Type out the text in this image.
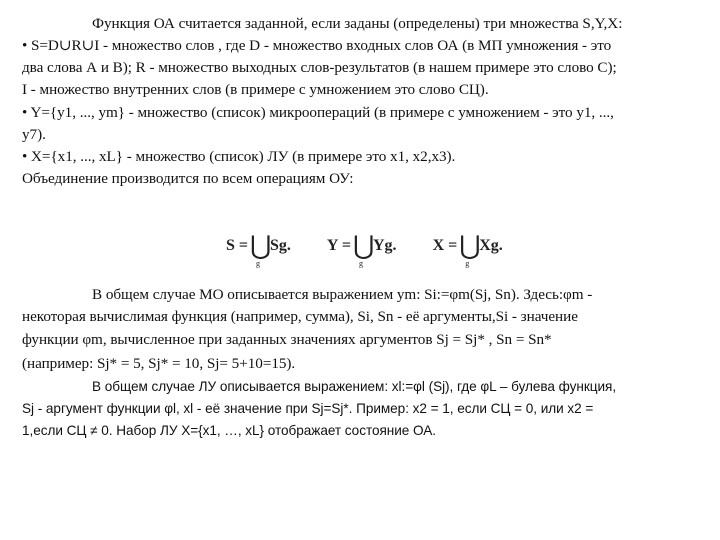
Функция ОА считается заданной, если заданы (определены) три множества S,Y,X:
• S=D∪R∪I - множество слов , где D - множество входных слов ОА (в МП умножения - это
два слова А и В); R - множество выходных слов-результатов (в нашем примере это слово С);
I - множество внутренних слов (в примере с умножением это слово СЦ).
• Y={y1, ..., ym} - множество (список) микроопераций (в примере с умножением - это y1, ...,
y7).
• X={x1, ..., xL} - множество (список) ЛУ (в примере это x1, x2,x3).
Объединение производится по всем операциям ОУ:
S = ⋃
g
Sg. Y = ⋃
g
Yg. X = ⋃
g
Xg.
В общем случае МО описывается выражением ym: Si:=φm(Sj, Sn). Здесь:φm -
некоторая вычислимая функция (например, сумма), Si, Sn - её аргументы,Si - значение
функции φm, вычисленное при заданных значениях аргументов Sj = Sj* , Sn = Sn*
(например: Sj* = 5, Sj* = 10, Sj= 5+10=15).
В общем случае ЛУ описывается выражением: xl:=φl (Sj), где φL – булева функция,
Sj - аргумент функции φl, xl - её значение при Sj=Sj*. Пример: x2 = 1, если СЦ = 0, или x2 =
1,если СЦ ≠ 0. Набор ЛУ X={x1, …, xL} отображает состояние ОА.
